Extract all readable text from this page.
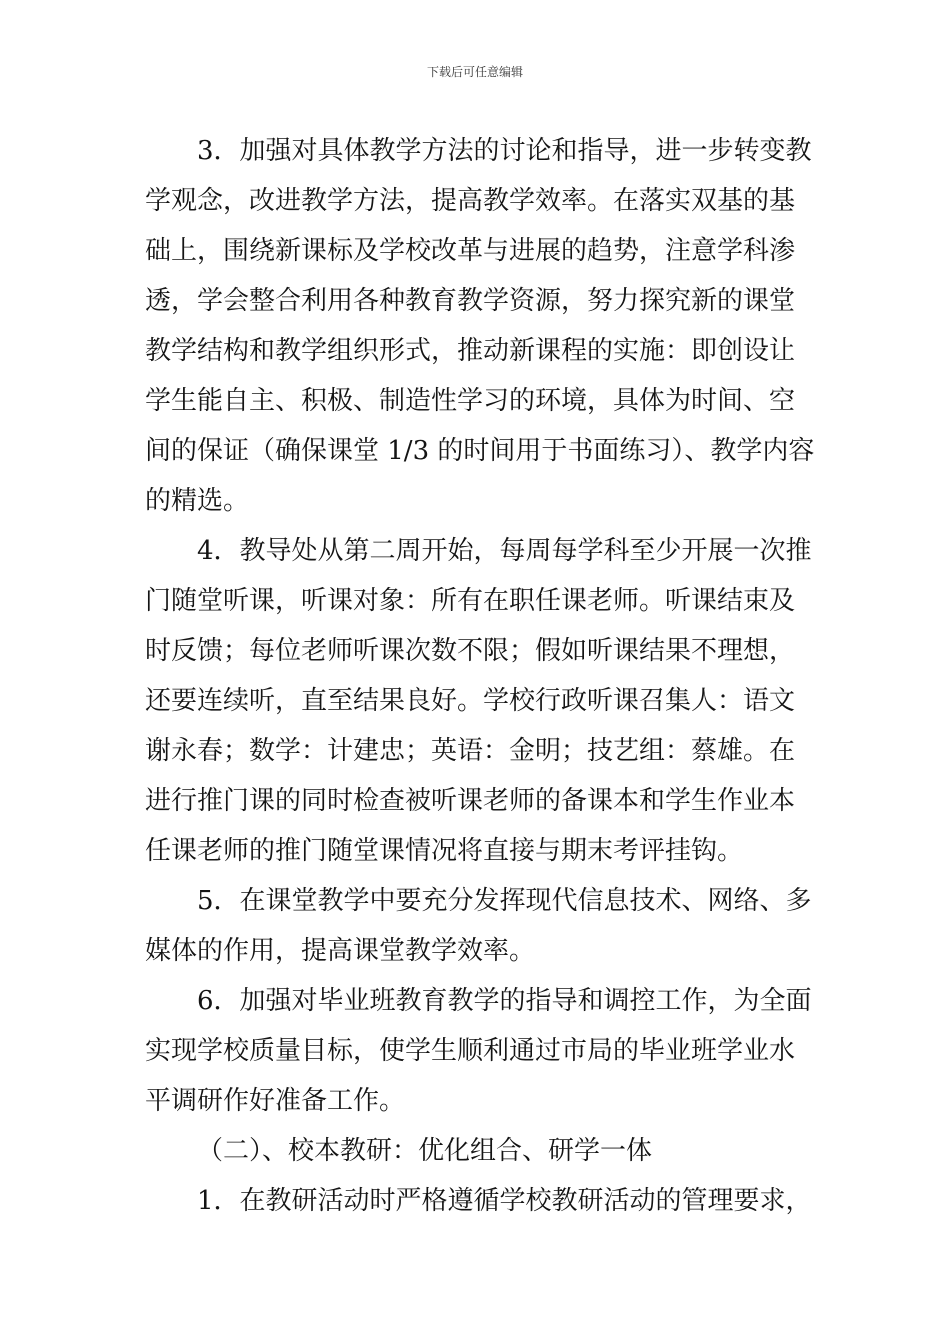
下载后可任意编辑
3．加强对具体教学方法的讨论和指导，进一步转变教
学观念，改进教学方法，提高教学效率。在落实双基的基
础上，围绕新课标及学校改革与进展的趋势，注意学科渗
透，学会整合利用各种教育教学资源，努力探究新的课堂
教学结构和教学组织形式，推动新课程的实施：即创设让
学生能自主、积极、制造性学习的环境，具体为时间、空
间的保证（确保课堂 1/3 的时间用于书面练习）、教学内容
的精选。
4．教导处从第二周开始，每周每学科至少开展一次推
门随堂听课，听课对象：所有在职任课老师。听课结束及
时反馈；每位老师听课次数不限；假如听课结果不理想，
还要连续听，直至结果良好。学校行政听课召集人：语文
谢永春；数学：计建忠；英语：金明；技艺组：蔡雄。在
进行推门课的同时检查被听课老师的备课本和学生作业本
任课老师的推门随堂课情况将直接与期末考评挂钩。
5．在课堂教学中要充分发挥现代信息技术、网络、多
媒体的作用，提高课堂教学效率。
6．加强对毕业班教育教学的指导和调控工作，为全面
实现学校质量目标，使学生顺利通过市局的毕业班学业水
平调研作好准备工作。
（二）、校本教研：优化组合、研学一体
1．在教研活动时严格遵循学校教研活动的管理要求，
